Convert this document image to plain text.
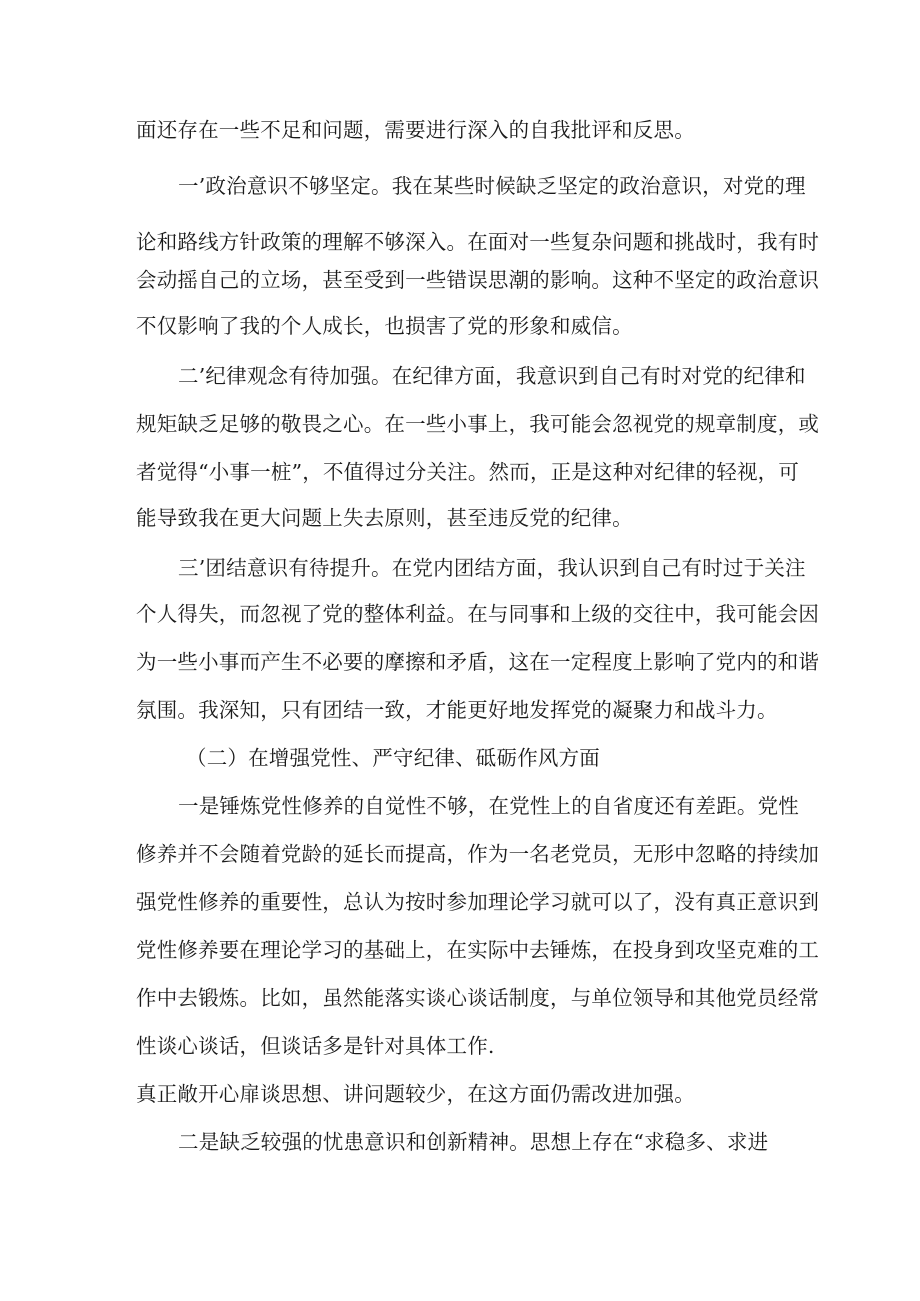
面还存在一些不足和问题，需要进行深入的自我批评和反思。
一’政治意识不够坚定。我在某些时候缺乏坚定的政治意识，对党的理
论和路线方针政策的理解不够深入。在面对一些复杂问题和挑战时，我有时
会动摇自己的立场，甚至受到一些错误思潮的影响。这种不坚定的政治意识
不仅影响了我的个人成长，也损害了党的形象和威信。
二’纪律观念有待加强。在纪律方面，我意识到自己有时对党的纪律和
规矩缺乏足够的敬畏之心。在一些小事上，我可能会忽视党的规章制度，或
者觉得“小事一桩”，不值得过分关注。然而，正是这种对纪律的轻视，可
能导致我在更大问题上失去原则，甚至违反党的纪律。
三’团结意识有待提升。在党内团结方面，我认识到自己有时过于关注
个人得失，而忽视了党的整体利益。在与同事和上级的交往中，我可能会因
为一些小事而产生不必要的摩擦和矛盾，这在一定程度上影响了党内的和谐
氛围。我深知，只有团结一致，才能更好地发挥党的凝聚力和战斗力。
（二）在增强党性、严守纪律、砥砺作风方面
一是锤炼党性修养的自觉性不够，在党性上的自省度还有差距。党性
修养并不会随着党龄的延长而提高，作为一名老党员，无形中忽略的持续加
强党性修养的重要性，总认为按时参加理论学习就可以了，没有真正意识到
党性修养要在理论学习的基础上，在实际中去锤炼，在投身到攻坚克难的工
作中去锻炼。比如，虽然能落实谈心谈话制度，与单位领导和其他党员经常
性谈心谈话，但谈话多是针对具体工作.
真正敞开心扉谈思想、讲问题较少，在这方面仍需改进加强。
二是缺乏较强的忧患意识和创新精神。思想上存在“求稳多、求进
